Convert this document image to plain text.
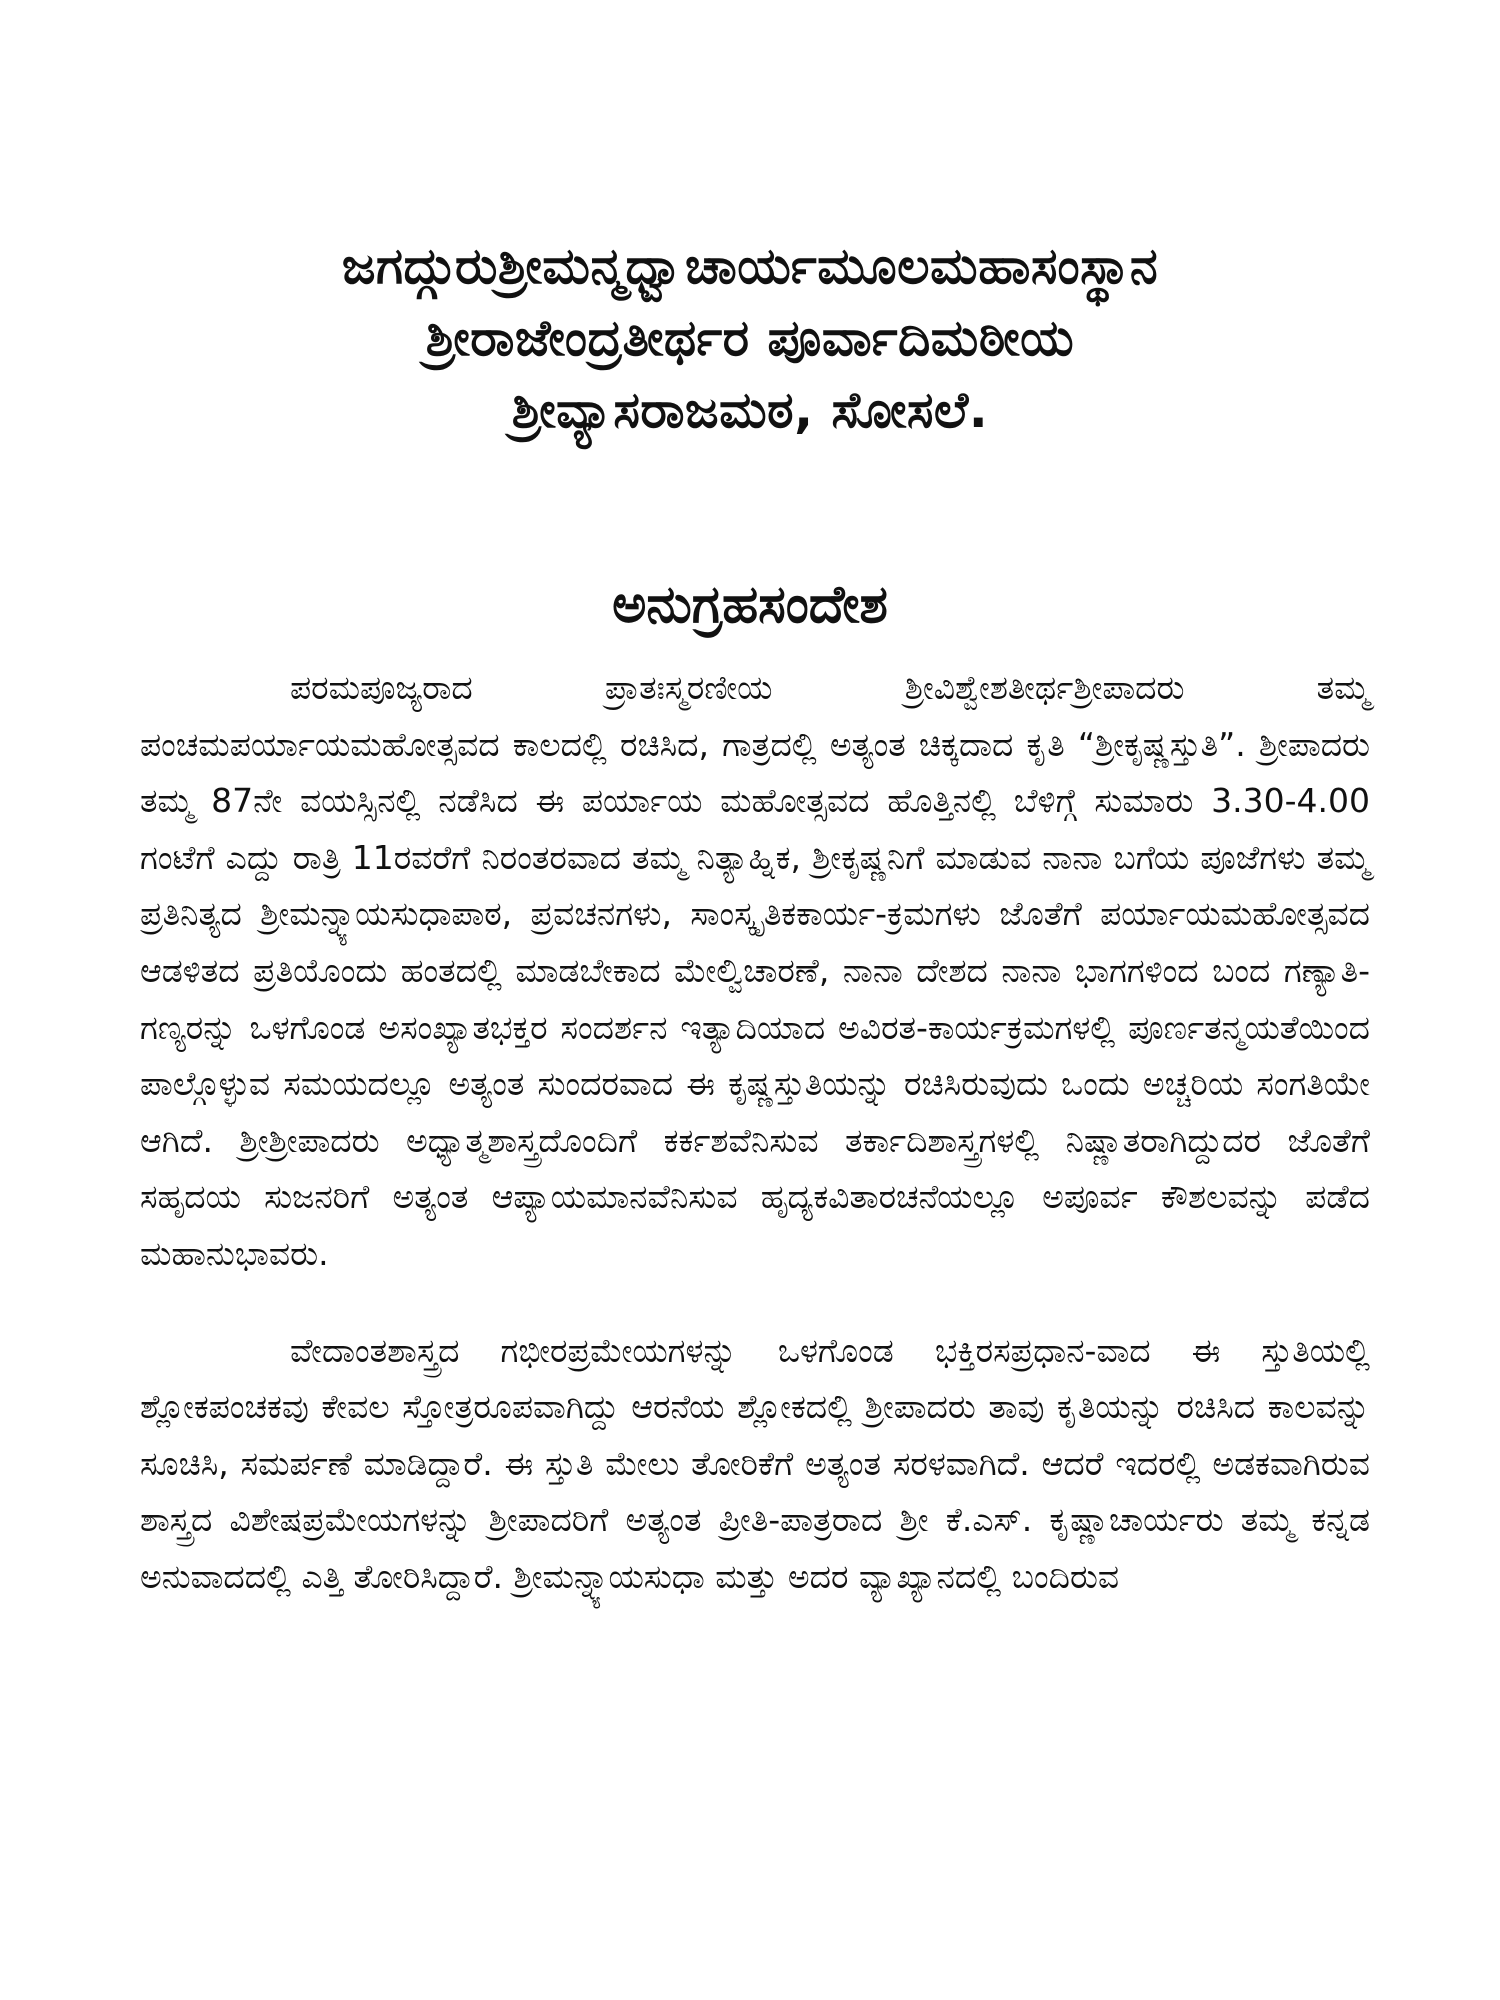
ಜಗದ್ಗುರುಶ್ರೀಮನ್ಮಧ್ವಾಚಾರ್ಯಮೂಲಮಹಾಸಂಸ್ಥಾನ
ಶ್ರೀರಾಜೇಂದ್ರತೀರ್ಥರ ಪೂರ್ವಾದಿಮಠೀಯ
ಶ್ರೀವ್ಯಾಸರಾಜಮಠ, ಸೋಸಲೆ.
ಅನುಗ್ರಹಸಂದೇಶ

ಪರಮಪೂಜ್ಯರಾದ ಪ್ರಾತಃಸ್ಮರಣೀಯ ಶ್ರೀವಿಶ್ವೇಶತೀರ್ಥಶ್ರೀಪಾದರು ತಮ್ಮ ಪಂಚಮಪರ್ಯಾಯಮಹೋತ್ಸವದ ಕಾಲದಲ್ಲಿ ರಚಿಸಿದ, ಗಾತ್ರದಲ್ಲಿ ಅತ್ಯಂತ ಚಿಕ್ಕದಾದ ಕೃತಿ “ಶ್ರೀಕೃಷ್ಣಸ್ತುತಿ”. ಶ್ರೀಪಾದರು ತಮ್ಮ 87ನೇ ವಯಸ್ಸಿನಲ್ಲಿ ನಡೆಸಿದ ಈ ಪರ್ಯಾಯ ಮಹೋತ್ಸವದ ಹೊತ್ತಿನಲ್ಲಿ ಬೆಳಿಗ್ಗೆ ಸುಮಾರು 3.30-4.00 ಗಂಟೆಗೆ ಎದ್ದು ರಾತ್ರಿ 11ರವರೆಗೆ ನಿರಂತರವಾದ ತಮ್ಮ ನಿತ್ಯಾಹ್ನಿಕ, ಶ್ರೀಕೃಷ್ಣನಿಗೆ ಮಾಡುವ ನಾನಾ ಬಗೆಯ ಪೂಜೆಗಳು ತಮ್ಮ ಪ್ರತಿನಿತ್ಯದ ಶ್ರೀಮನ್ನ್ಯಾಯಸುಧಾಪಾಠ, ಪ್ರವಚನಗಳು, ಸಾಂಸ್ಕೃತಿಕಕಾರ್ಯ-ಕ್ರಮಗಳು ಜೊತೆಗೆ ಪರ್ಯಾಯಮಹೋತ್ಸವದ ಆಡಳಿತದ ಪ್ರತಿಯೊಂದು ಹಂತದಲ್ಲಿ ಮಾಡಬೇಕಾದ ಮೇಲ್ವಿಚಾರಣೆ, ನಾನಾ ದೇಶದ ನಾನಾ ಭಾಗಗಳಿಂದ ಬಂದ ಗಣ್ಯಾತಿ-ಗಣ್ಯರನ್ನು ಒಳಗೊಂಡ ಅಸಂಖ್ಯಾತಭಕ್ತರ ಸಂದರ್ಶನ ಇತ್ಯಾದಿಯಾದ ಅವಿರತ-ಕಾರ್ಯಕ್ರಮಗಳಲ್ಲಿ ಪೂರ್ಣತನ್ಮಯತೆಯಿಂದ ಪಾಲ್ಗೊಳ್ಳುವ ಸಮಯದಲ್ಲೂ ಅತ್ಯಂತ ಸುಂದರವಾದ ಈ ಕೃಷ್ಣಸ್ತುತಿಯನ್ನು ರಚಿಸಿರುವುದು ಒಂದು ಅಚ್ಚರಿಯ ಸಂಗತಿಯೇ ಆಗಿದೆ. ಶ್ರೀಶ್ರೀಪಾದರು ಅಧ್ಯಾತ್ಮಶಾಸ್ತ್ರದೊಂದಿಗೆ ಕರ್ಕಶವೆನಿಸುವ ತರ್ಕಾದಿಶಾಸ್ತ್ರಗಳಲ್ಲಿ ನಿಷ್ಣಾತರಾಗಿದ್ದುದರ ಜೊತೆಗೆ ಸಹೃದಯ ಸುಜನರಿಗೆ ಅತ್ಯಂತ ಆಪ್ಯಾಯಮಾನವೆನಿಸುವ ಹೃದ್ಯಕವಿತಾರಚನೆಯಲ್ಲೂ ಅಪೂರ್ವ ಕೌಶಲವನ್ನು ಪಡೆದ ಮಹಾನುಭಾವರು.

ವೇದಾಂತಶಾಸ್ತ್ರದ ಗಭೀರಪ್ರಮೇಯಗಳನ್ನು ಒಳಗೊಂಡ ಭಕ್ತಿರಸಪ್ರಧಾನ-ವಾದ ಈ ಸ್ತುತಿಯಲ್ಲಿ ಶ್ಲೋಕಪಂಚಕವು ಕೇವಲ ಸ್ತೋತ್ರರೂಪವಾಗಿದ್ದು ಆರನೆಯ ಶ್ಲೋಕದಲ್ಲಿ ಶ್ರೀಪಾದರು ತಾವು ಕೃತಿಯನ್ನು ರಚಿಸಿದ ಕಾಲವನ್ನು ಸೂಚಿಸಿ, ಸಮರ್ಪಣೆ ಮಾಡಿದ್ದಾರೆ. ಈ ಸ್ತುತಿ ಮೇಲು ತೋರಿಕೆಗೆ ಅತ್ಯಂತ ಸರಳವಾಗಿದೆ. ಆದರೆ ಇದರಲ್ಲಿ ಅಡಕವಾಗಿರುವ ಶಾಸ್ತ್ರದ ವಿಶೇಷಪ್ರಮೇಯಗಳನ್ನು ಶ್ರೀಪಾದರಿಗೆ ಅತ್ಯಂತ ಪ್ರೀತಿ-ಪಾತ್ರರಾದ ಶ್ರೀ ಕೆ.ಎಸ್. ಕೃಷ್ಣಾಚಾರ್ಯರು ತಮ್ಮ ಕನ್ನಡ ಅನುವಾದದಲ್ಲಿ ಎತ್ತಿ ತೋರಿಸಿದ್ದಾರೆ. ಶ್ರೀಮನ್ನ್ಯಾಯಸುಧಾ ಮತ್ತು ಅದರ ವ್ಯಾಖ್ಯಾನದಲ್ಲಿ ಬಂದಿರುವ
